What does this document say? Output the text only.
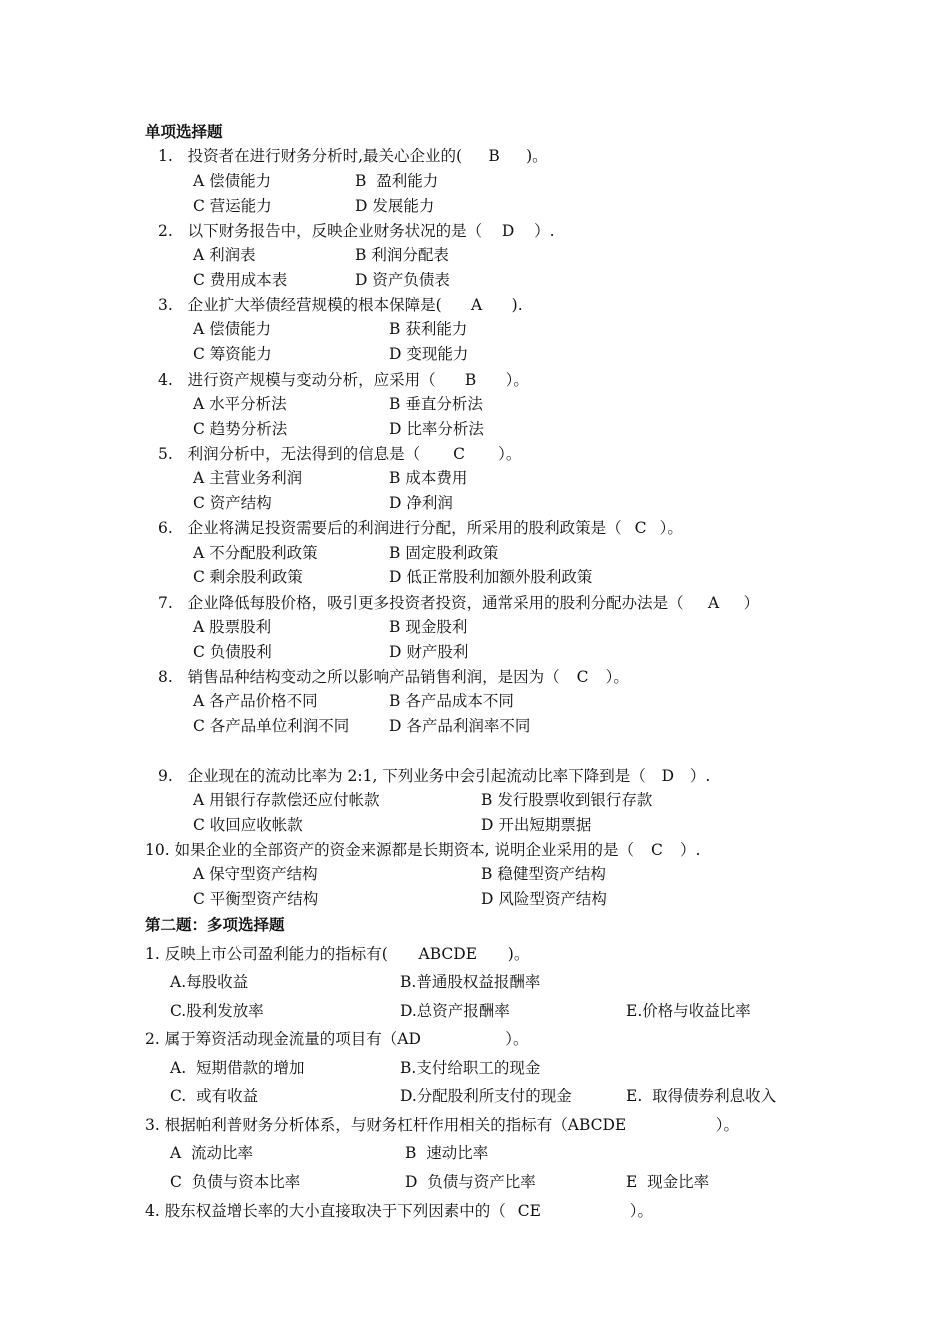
单项选择题
1. 投资者在进行财务分析时,最关心企业的( B )。
A 偿债能力	B  盈利能力
C 营运能力	D 发展能力
2. 以下财务报告中，反映企业财务状况的是（ D ）.
A 利润表	B 利润分配表
C 费用成本表	D 资产负债表
3. 企业扩大举债经营规模的根本保障是( A ).
A 偿债能力	B 获利能力
C 筹资能力	D 变现能力
4. 进行资产规模与变动分析，应采用（ B ）。
A 水平分析法	B 垂直分析法
C 趋势分析法	D 比率分析法
5. 利润分析中，无法得到的信息是（ C ）。
A 主营业务利润	B 成本费用
C 资产结构	D 净利润
6. 企业将满足投资需要后的利润进行分配，所采用的股利政策是（ C ）。
A 不分配股利政策	B 固定股利政策
C 剩余股利政策	D 低正常股利加额外股利政策
7. 企业降低每股价格，吸引更多投资者投资，通常采用的股利分配办法是（ A ）
A 股票股利	B 现金股利
C 负债股利	D 财产股利
8. 销售品种结构变动之所以影响产品销售利润，是因为（ C ）。
A 各产品价格不同	B 各产品成本不同
C 各产品单位利润不同	D 各产品利润率不同
9. 企业现在的流动比率为 2:1, 下列业务中会引起流动比率下降到是（ D ）.
A 用银行存款偿还应付帐款	B 发行股票收到银行存款
C 收回应收帐款	D 开出短期票据
10. 如果企业的全部资产的资金来源都是长期资本, 说明企业采用的是（ C ）.
A 保守型资产结构	B 稳健型资产结构
C 平衡型资产结构	D 风险型资产结构
第二题：多项选择题
1. 反映上市公司盈利能力的指标有( ABCDE )。
A.每股收益	B.普通股权益报酬率
C.股利发放率	D.总资产报酬率	E.价格与收益比率
2. 属于筹资活动现金流量的项目有（AD	）。
A.  短期借款的增加	B.支付给职工的现金
C.  或有收益	D.分配股利所支付的现金	E.  取得债券利息收入
3. 根据帕利普财务分析体系，与财务杠杆作用相关的指标有（ABCDE	）。
A  流动比率	B  速动比率
C  负债与资本比率	D  负债与资产比率	E  现金比率
4. 股东权益增长率的大小直接取决于下列因素中的（ CE	）。
